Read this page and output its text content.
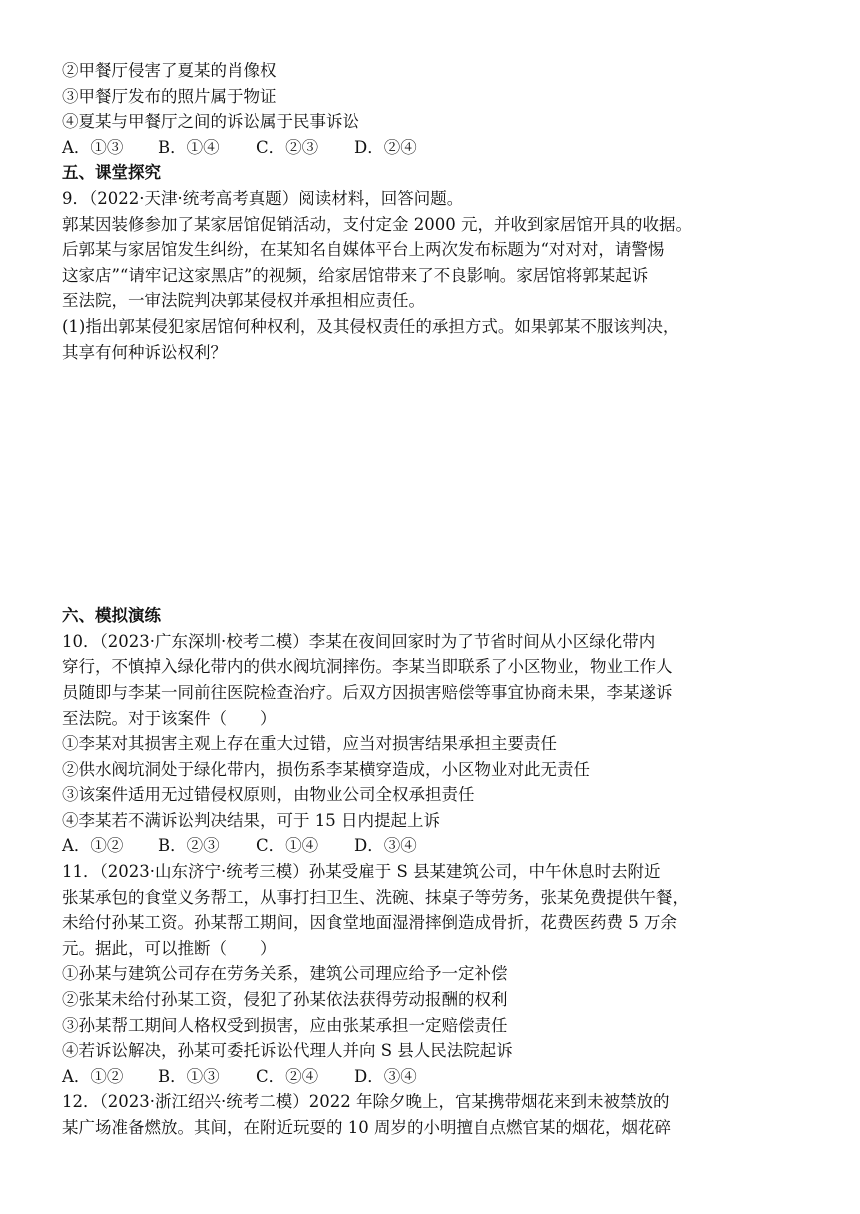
②甲餐厅侵害了夏某的肖像权
③甲餐厅发布的照片属于物证
④夏某与甲餐厅之间的诉讼属于民事诉讼
A．①③ B．①④ C．②③ D．②④
五、课堂探究
9．（2022·天津·统考高考真题）阅读材料，回答问题。
郭某因装修参加了某家居馆促销活动，支付定金 2000 元，并收到家居馆开具的收据。
后郭某与家居馆发生纠纷，在某知名自媒体平台上两次发布标题为“对对对，请警惕
这家店”“请牢记这家黑店”的视频，给家居馆带来了不良影响。家居馆将郭某起诉
至法院，一审法院判决郭某侵权并承担相应责任。
(1)指出郭某侵犯家居馆何种权利，及其侵权责任的承担方式。如果郭某不服该判决，
其享有何种诉讼权利？
六、模拟演练
10．（2023·广东深圳·校考二模）李某在夜间回家时为了节省时间从小区绿化带内
穿行，不慎掉入绿化带内的供水阀坑洞摔伤。李某当即联系了小区物业，物业工作人
员随即与李某一同前往医院检查治疗。后双方因损害赔偿等事宜协商未果，李某遂诉
至法院。对于该案件（　　）
①李某对其损害主观上存在重大过错，应当对损害结果承担主要责任
②供水阀坑洞处于绿化带内，损伤系李某横穿造成，小区物业对此无责任
③该案件适用无过错侵权原则，由物业公司全权承担责任
④李某若不满诉讼判决结果，可于 15 日内提起上诉
A．①② B．②③ C．①④ D．③④
11．（2023·山东济宁·统考三模）孙某受雇于 S 县某建筑公司，中午休息时去附近
张某承包的食堂义务帮工，从事打扫卫生、洗碗、抹桌子等劳务，张某免费提供午餐，
未给付孙某工资。孙某帮工期间，因食堂地面湿滑摔倒造成骨折，花费医药费 5 万余
元。据此，可以推断（　　）
①孙某与建筑公司存在劳务关系，建筑公司理应给予一定补偿
②张某未给付孙某工资，侵犯了孙某依法获得劳动报酬的权利
③孙某帮工期间人格权受到损害，应由张某承担一定赔偿责任
④若诉讼解决，孙某可委托诉讼代理人并向 S 县人民法院起诉
A．①② B．①③ C．②④ D．③④
12．（2023·浙江绍兴·统考二模）2022 年除夕晚上，官某携带烟花来到未被禁放的
某广场准备燃放。其间，在附近玩耍的 10 周岁的小明擅自点燃官某的烟花，烟花碎
